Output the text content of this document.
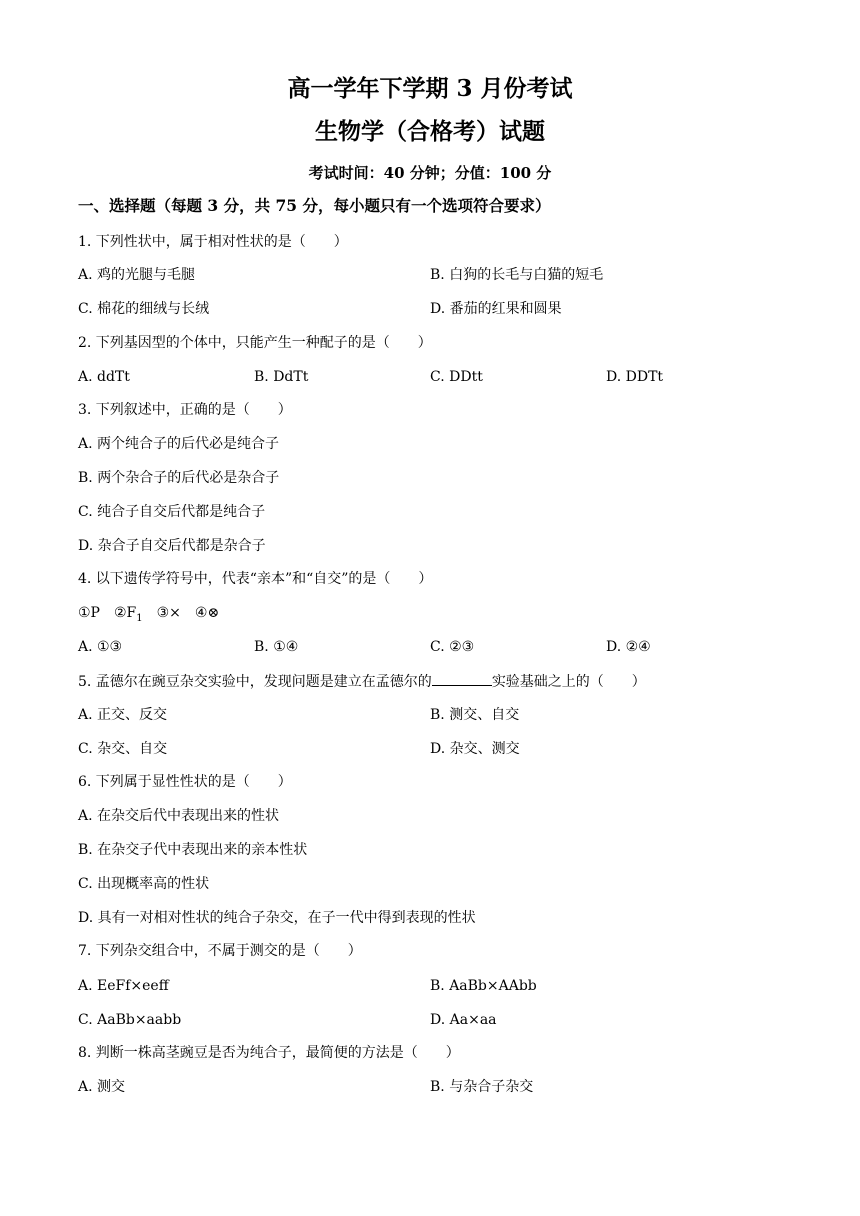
高一学年下学期 3 月份考试
生物学（合格考）试题
考试时间：40 分钟；分值：100 分
一、选择题（每题 3 分，共 75 分，每小题只有一个选项符合要求）
1. 下列性状中，属于相对性状的是（　　）
A. 鸡的光腿与毛腿	B. 白狗的长毛与白猫的短毛
C. 棉花的细绒与长绒	D. 番茄的红果和圆果
2. 下列基因型的个体中，只能产生一种配子的是（　　）
A. ddTt	B. DdTt	C. DDtt	D. DDTt
3. 下列叙述中，正确的是（　　）
A. 两个纯合子的后代必是纯合子
B. 两个杂合子的后代必是杂合子
C. 纯合子自交后代都是纯合子
D. 杂合子自交后代都是杂合子
4. 以下遗传学符号中，代表“亲本”和“自交”的是（　　）
①P  $②F_1$  ③×  ④⊗
A. ①③	B. ①④	C. ②③	D. ②④
5. 孟德尔在豌豆杂交实验中，发现问题是建立在孟德尔的	实验基础之上的（　　）
A. 正交、反交	B. 测交、自交
C. 杂交、自交	D. 杂交、测交
6. 下列属于显性性状的是（　　）
A. 在杂交后代中表现出来的性状
B. 在杂交子代中表现出来的亲本性状
C. 出现概率高的性状
D. 具有一对相对性状的纯合子杂交，在子一代中得到表现的性状
7. 下列杂交组合中，不属于测交的是（　　）
A. EeFf×eeff	B. AaBb×AAbb
C. AaBb×aabb	D. Aa×aa
8. 判断一株高茎豌豆是否为纯合子，最简便的方法是（　　）
A. 测交	B. 与杂合子杂交
